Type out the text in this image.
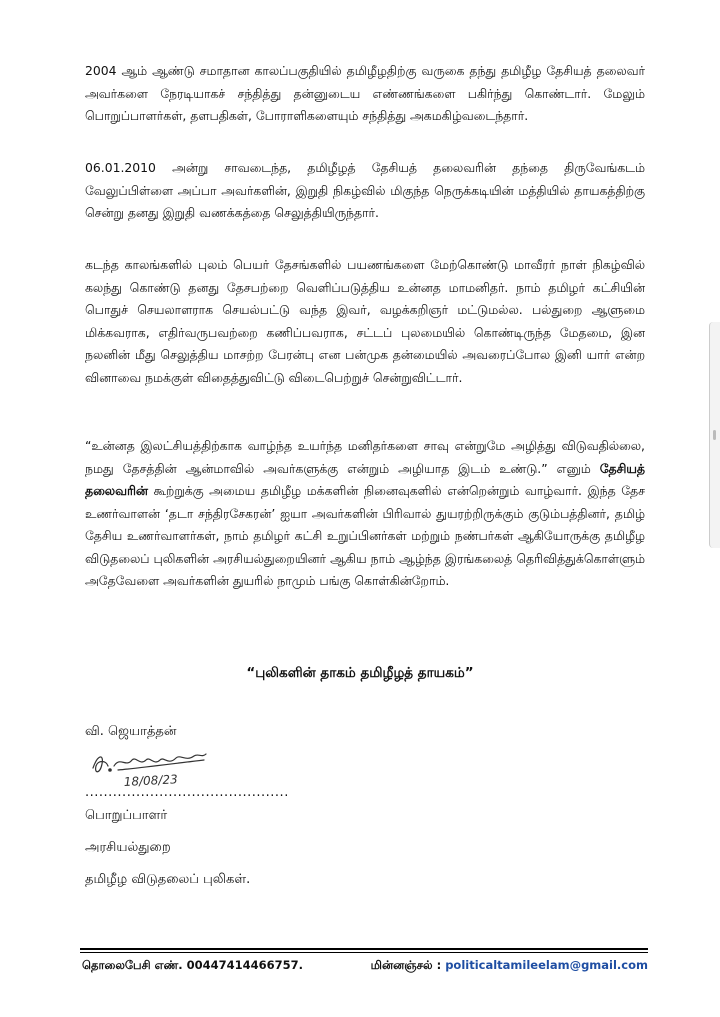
2004 ஆம் ஆண்டு சமாதான காலப்பகுதியில் தமிழீழதிற்கு வருகை தந்து தமிழீழ தேசியத் தலைவர் அவர்களை நேரடியாகச் சந்தித்து தன்னுடைய எண்ணங்களை பகிர்ந்து கொண்டார். மேலும் பொறுப்பாளர்கள், தளபதிகள், போராளிகளையும் சந்தித்து அகமகிழ்வடைந்தார்.

06.01.2010 அன்று சாவடைந்த, தமிழீழத் தேசியத் தலைவரின் தந்தை திருவேங்கடம் வேலுப்பிள்ளை அப்பா அவர்களின், இறுதி நிகழ்வில் மிகுந்த நெருக்கடியின் மத்தியில் தாயகத்திற்கு சென்று தனது இறுதி வணக்கத்தை செலுத்தியிருந்தார்.

கடந்த காலங்களில் புலம் பெயர் தேசங்களில் பயணங்களை மேற்கொண்டு மாவீரர் நாள் நிகழ்வில் கலந்து கொண்டு தனது தேசபற்றை வெளிப்படுத்திய உன்னத மாமனிதர். நாம் தமிழர் கட்சியின் பொதுச் செயலாளராக செயல்பட்டு வந்த இவர், வழக்கறிஞர் மட்டுமல்ல. பல்துறை ஆளுமை மிக்கவராக, எதிர்வருபவற்றை கணிப்பவராக, சட்டப் புலமையில் கொண்டிருந்த மேதமை, இன நலனின் மீது செலுத்திய மாசற்ற பேரன்பு என பன்முக தன்மையில் அவரைப்போல இனி யார் என்ற வினாவை நமக்குள் விதைத்துவிட்டு விடைபெற்றுச் சென்றுவிட்டார்.

“உன்னத இலட்சியத்திற்காக வாழ்ந்த உயர்ந்த மனிதர்களை சாவு என்றுமே அழித்து விடுவதில்லை, நமது தேசத்தின் ஆன்மாவில் அவர்களுக்கு என்றும் அழியாத இடம் உண்டு.” எனும் தேசியத் தலைவரின் கூற்றுக்கு அமைய தமிழீழ மக்களின் நினைவுகளில் என்றென்றும் வாழ்வார். இந்த தேச உணர்வாளன் ‘தடா சந்திரசேகரன்’ ஐயா அவர்களின் பிரிவால் துயரற்றிருக்கும் குடும்பத்தினர், தமிழ் தேசிய உணர்வாளர்கள், நாம் தமிழர் கட்சி உறுப்பினர்கள் மற்றும் நண்பர்கள் ஆகியோருக்கு தமிழீழ விடுதலைப் புலிகளின் அரசியல்துறையினர் ஆகிய நாம் ஆழ்ந்த இரங்கலைத் தெரிவித்துக்கொள்ளும் அதேவேளை அவர்களின் துயரில் நாமும் பங்கு கொள்கின்றோம்.

“புலிகளின் தாகம் தமிழீழத் தாயகம்”
வி. ஜெயாத்தன்
18/08/23
............................................
பொறுப்பாளர்
அரசியல்துறை
தமிழீழ விடுதலைப் புலிகள்.
தொலைபேசி எண். 00447414466757.	மின்னஞ்சல் : politicaltamileelam@gmail.com
